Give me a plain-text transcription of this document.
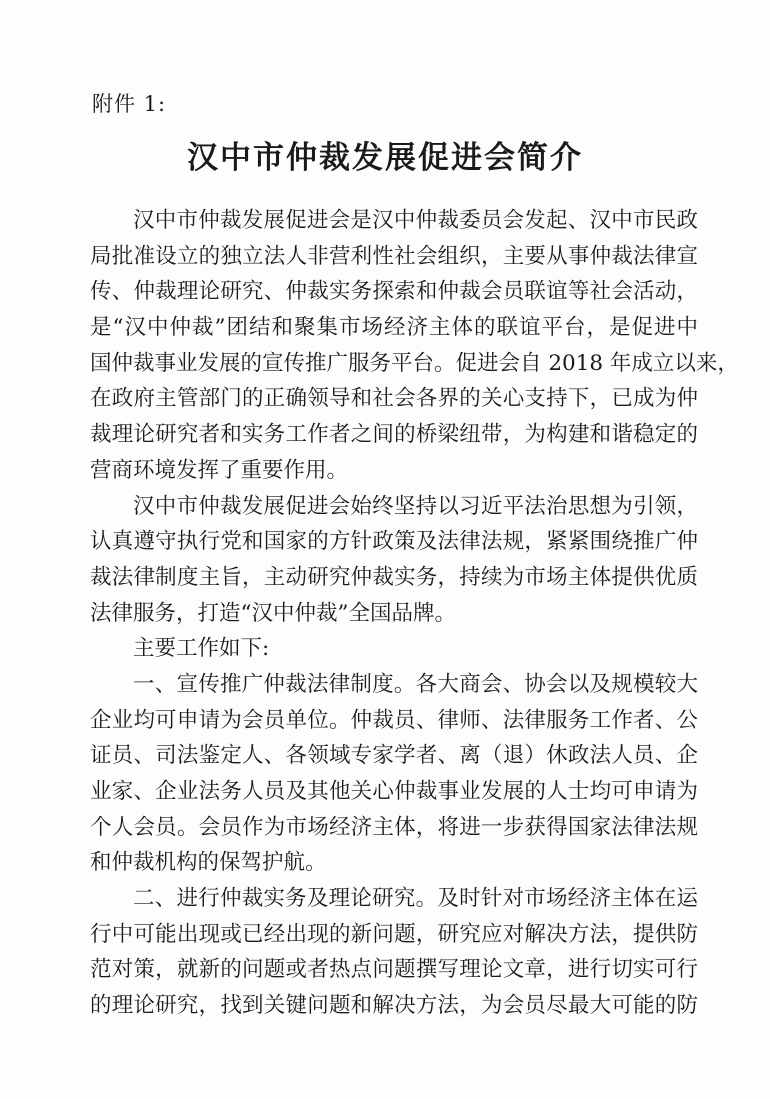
附件 1:
汉中市仲裁发展促进会简介
汉中市仲裁发展促进会是汉中仲裁委员会发起、汉中市民政
局批准设立的独立法人非营利性社会组织，主要从事仲裁法律宣
传、仲裁理论研究、仲裁实务探索和仲裁会员联谊等社会活动，
是“汉中仲裁”团结和聚集市场经济主体的联谊平台，是促进中
国仲裁事业发展的宣传推广服务平台。促进会自 2018 年成立以来，
在政府主管部门的正确领导和社会各界的关心支持下，已成为仲
裁理论研究者和实务工作者之间的桥梁纽带，为构建和谐稳定的
营商环境发挥了重要作用。
汉中市仲裁发展促进会始终坚持以习近平法治思想为引领，
认真遵守执行党和国家的方针政策及法律法规，紧紧围绕推广仲
裁法律制度主旨，主动研究仲裁实务，持续为市场主体提供优质
法律服务，打造“汉中仲裁”全国品牌。
主要工作如下:
一、宣传推广仲裁法律制度。各大商会、协会以及规模较大
企业均可申请为会员单位。仲裁员、律师、法律服务工作者、公
证员、司法鉴定人、各领域专家学者、离（退）休政法人员、企
业家、企业法务人员及其他关心仲裁事业发展的人士均可申请为
个人会员。会员作为市场经济主体，将进一步获得国家法律法规
和仲裁机构的保驾护航。
二、进行仲裁实务及理论研究。及时针对市场经济主体在运
行中可能出现或已经出现的新问题，研究应对解决方法，提供防
范对策，就新的问题或者热点问题撰写理论文章，进行切实可行
的理论研究，找到关键问题和解决方法，为会员尽最大可能的防
